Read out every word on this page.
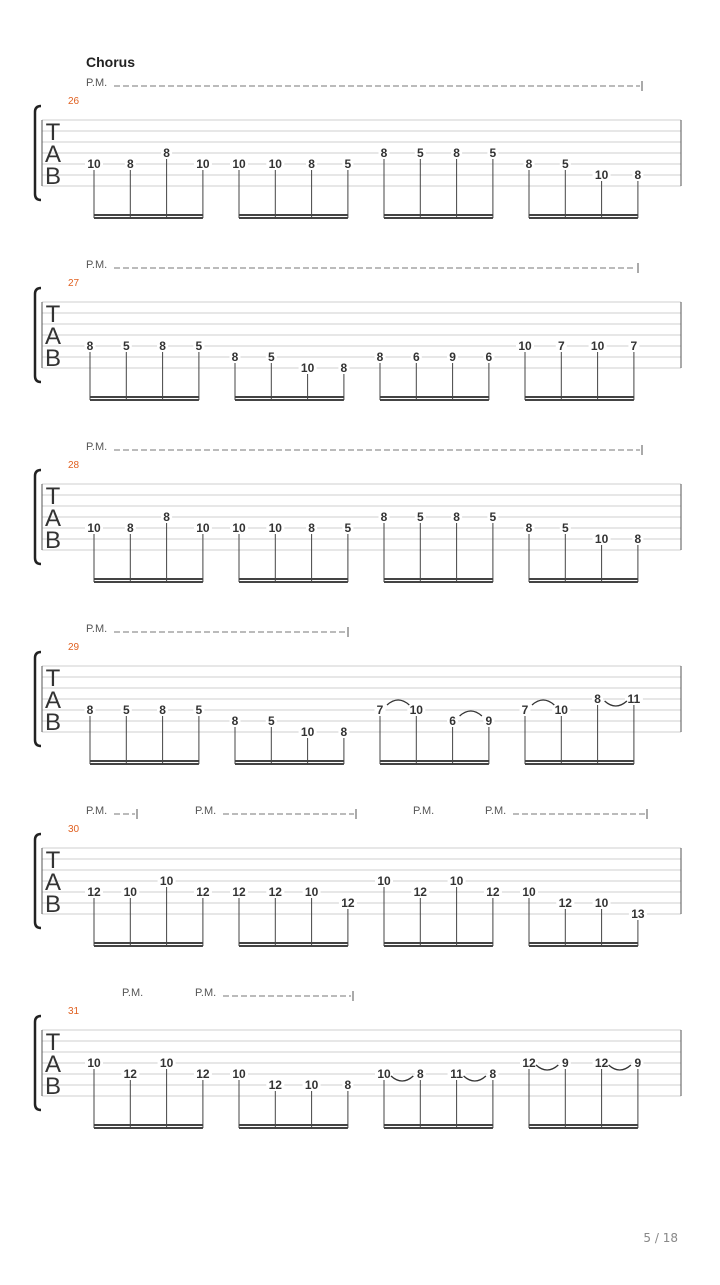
Chorus
T
A
B
26
P.M.
10 8
8
10 10 10 8 5
8 5 8 5
8 5
10 8
T
A
B
27
P.M.
8 5 8 5
8 5
10 8
8 6 9 6
10 7 10 7
T
A
B
28
P.M.
10 8
8
10 10 10 8 5
8 5 8 5
8 5
10 8
T
A
B
29
P.M.
8 5 8 5
8 5
10 8
7 10
6 9
7 10
8 11
T
A
B
30
P.M.	P.M.	P.M.	P.M.
12 10
10
12 12 12 10
12
10
12
10
12 10
12 10
13
T
A
B
31
P.M.	P.M.
10
12
10
12 10
12 10 8
10 8 11 8
12 9 12 9
5 / 18
